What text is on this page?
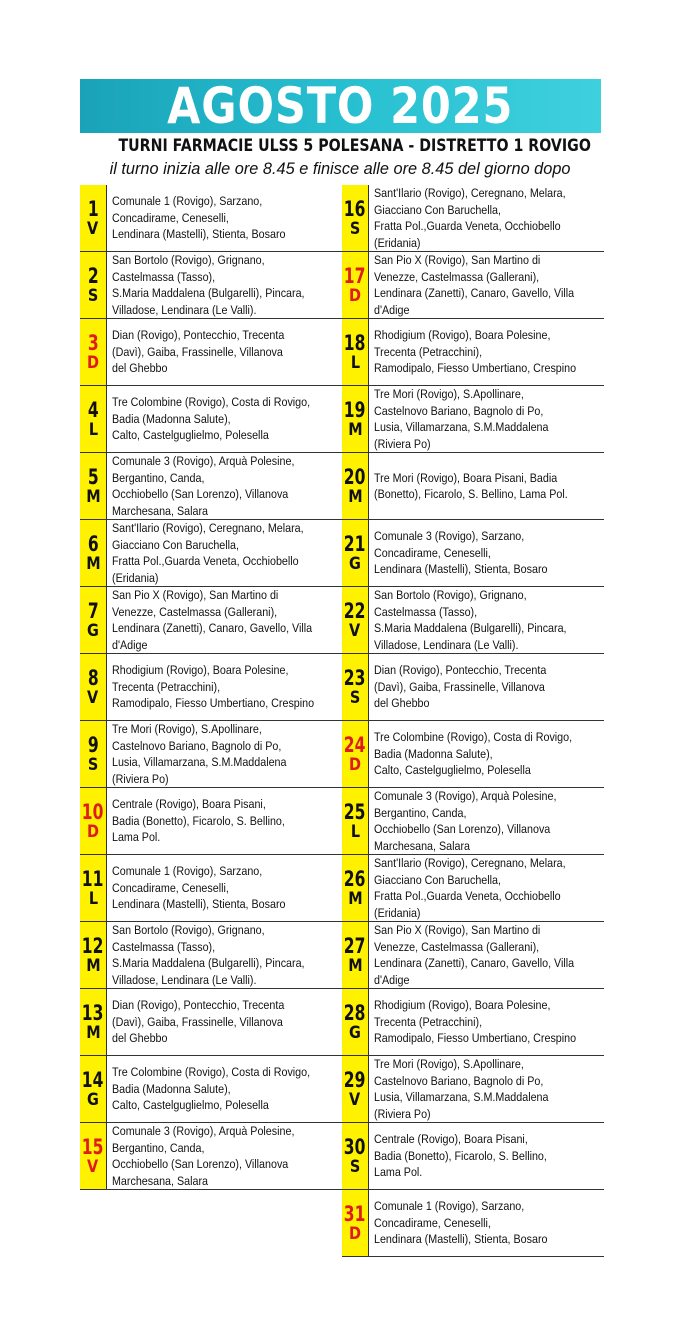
AGOSTO 2025
TURNI FARMACIE ULSS 5 POLESANA - DISTRETTO 1 ROVIGO
il turno inizia alle ore 8.45 e finisce alle ore 8.45 del giorno dopo
1
V
Comunale 1 (Rovigo), Sarzano,
Concadirame, Ceneselli,
Lendinara (Mastelli), Stienta, Bosaro
2
S
San Bortolo (Rovigo), Grignano,
Castelmassa (Tasso),
S.Maria Maddalena (Bulgarelli), Pincara,
Villadose, Lendinara (Le Valli).
3
D
Dian (Rovigo), Pontecchio, Trecenta
(Davì), Gaiba, Frassinelle, Villanova
del Ghebbo
4
L
Tre Colombine (Rovigo), Costa di Rovigo,
Badia (Madonna Salute),
Calto, Castelguglielmo, Polesella
5
M
Comunale 3 (Rovigo), Arquà Polesine,
Bergantino, Canda,
Occhiobello (San Lorenzo), Villanova
Marchesana, Salara
6
M
Sant'Ilario (Rovigo), Ceregnano, Melara,
Giacciano Con Baruchella,
Fratta Pol.,Guarda Veneta, Occhiobello
(Eridania)
7
G
San Pio X (Rovigo), San Martino di
Venezze, Castelmassa (Gallerani),
Lendinara (Zanetti), Canaro, Gavello, Villa
d'Adige
8
V
Rhodigium (Rovigo), Boara Polesine,
Trecenta (Petracchini),
Ramodipalo, Fiesso Umbertiano, Crespino
9
S
Tre Mori (Rovigo), S.Apollinare,
Castelnovo Bariano, Bagnolo di Po,
Lusia, Villamarzana, S.M.Maddalena
(Riviera Po)
10
D
Centrale (Rovigo), Boara Pisani,
Badia (Bonetto), Ficarolo, S. Bellino,
Lama Pol.
11
L
Comunale 1 (Rovigo), Sarzano,
Concadirame, Ceneselli,
Lendinara (Mastelli), Stienta, Bosaro
12
M
San Bortolo (Rovigo), Grignano,
Castelmassa (Tasso),
S.Maria Maddalena (Bulgarelli), Pincara,
Villadose, Lendinara (Le Valli).
13
M
Dian (Rovigo), Pontecchio, Trecenta
(Davì), Gaiba, Frassinelle, Villanova
del Ghebbo
14
G
Tre Colombine (Rovigo), Costa di Rovigo,
Badia (Madonna Salute),
Calto, Castelguglielmo, Polesella
15
V
Comunale 3 (Rovigo), Arquà Polesine,
Bergantino, Canda,
Occhiobello (San Lorenzo), Villanova
Marchesana, Salara
16
S
Sant'Ilario (Rovigo), Ceregnano, Melara,
Giacciano Con Baruchella,
Fratta Pol.,Guarda Veneta, Occhiobello
(Eridania)
17
D
San Pio X (Rovigo), San Martino di
Venezze, Castelmassa (Gallerani),
Lendinara (Zanetti), Canaro, Gavello, Villa
d'Adige
18
L
Rhodigium (Rovigo), Boara Polesine,
Trecenta (Petracchini),
Ramodipalo, Fiesso Umbertiano, Crespino
19
M
Tre Mori (Rovigo), S.Apollinare,
Castelnovo Bariano, Bagnolo di Po,
Lusia, Villamarzana, S.M.Maddalena
(Riviera Po)
20
M
Tre Mori (Rovigo), Boara Pisani, Badia
(Bonetto), Ficarolo, S. Bellino, Lama Pol.
21
G
Comunale 3 (Rovigo), Sarzano,
Concadirame, Ceneselli,
Lendinara (Mastelli), Stienta, Bosaro
22
V
San Bortolo (Rovigo), Grignano,
Castelmassa (Tasso),
S.Maria Maddalena (Bulgarelli), Pincara,
Villadose, Lendinara (Le Valli).
23
S
Dian (Rovigo), Pontecchio, Trecenta
(Davì), Gaiba, Frassinelle, Villanova
del Ghebbo
24
D
Tre Colombine (Rovigo), Costa di Rovigo,
Badia (Madonna Salute),
Calto, Castelguglielmo, Polesella
25
L
Comunale 3 (Rovigo), Arquà Polesine,
Bergantino, Canda,
Occhiobello (San Lorenzo), Villanova
Marchesana, Salara
26
M
Sant'Ilario (Rovigo), Ceregnano, Melara,
Giacciano Con Baruchella,
Fratta Pol.,Guarda Veneta, Occhiobello
(Eridania)
27
M
San Pio X (Rovigo), San Martino di
Venezze, Castelmassa (Gallerani),
Lendinara (Zanetti), Canaro, Gavello, Villa
d'Adige
28
G
Rhodigium (Rovigo), Boara Polesine,
Trecenta (Petracchini),
Ramodipalo, Fiesso Umbertiano, Crespino
29
V
Tre Mori (Rovigo), S.Apollinare,
Castelnovo Bariano, Bagnolo di Po,
Lusia, Villamarzana, S.M.Maddalena
(Riviera Po)
30
S
Centrale (Rovigo), Boara Pisani,
Badia (Bonetto), Ficarolo, S. Bellino,
Lama Pol.
31
D
Comunale 1 (Rovigo), Sarzano,
Concadirame, Ceneselli,
Lendinara (Mastelli), Stienta, Bosaro
